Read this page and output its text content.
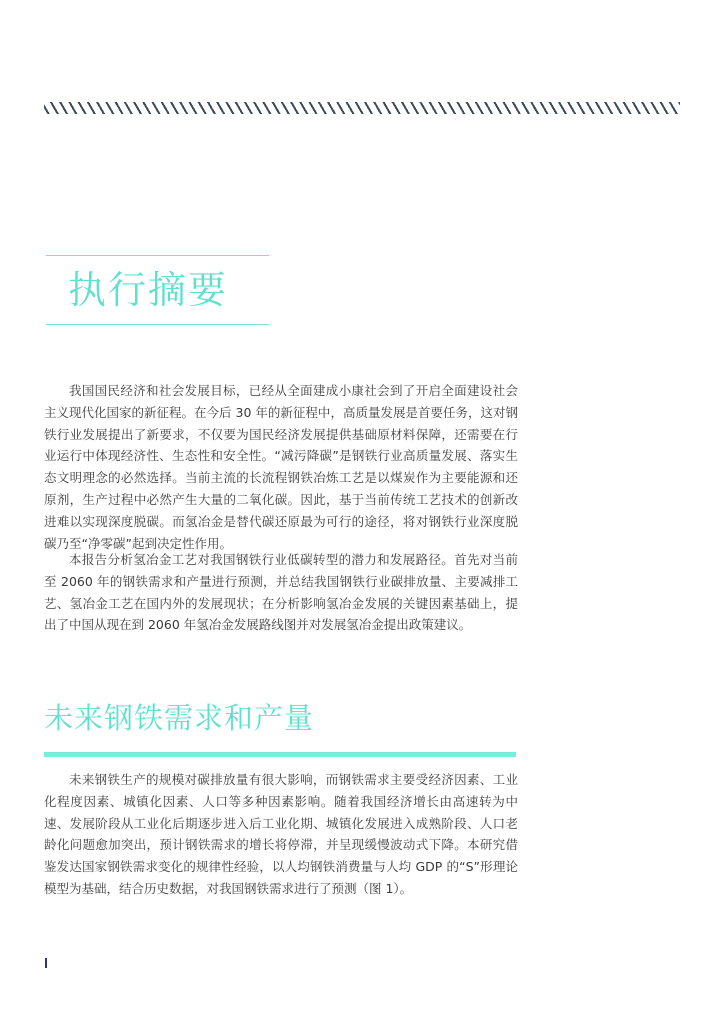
执行摘要

我国国民经济和社会发展目标，已经从全面建成小康社会到了开启全面建设社会主义现代化国家的新征程。在今后 30 年的新征程中，高质量发展是首要任务，这对钢铁行业发展提出了新要求，不仅要为国民经济发展提供基础原材料保障，还需要在行业运行中体现经济性、生态性和安全性。“减污降碳”是钢铁行业高质量发展、落实生态文明理念的必然选择。当前主流的长流程钢铁冶炼工艺是以煤炭作为主要能源和还原剂，生产过程中必然产生大量的二氧化碳。因此，基于当前传统工艺技术的创新改进难以实现深度脱碳。而氢冶金是替代碳还原最为可行的途径，将对钢铁行业深度脱碳乃至“净零碳”起到决定性作用。

本报告分析氢冶金工艺对我国钢铁行业低碳转型的潜力和发展路径。首先对当前至 2060 年的钢铁需求和产量进行预测，并总结我国钢铁行业碳排放量、主要减排工艺、氢冶金工艺在国内外的发展现状；在分析影响氢冶金发展的关键因素基础上，提出了中国从现在到 2060 年氢冶金发展路线图并对发展氢冶金提出政策建议。

未来钢铁需求和产量

未来钢铁生产的规模对碳排放量有很大影响，而钢铁需求主要受经济因素、工业化程度因素、城镇化因素、人口等多种因素影响。随着我国经济增长由高速转为中速、发展阶段从工业化后期逐步进入后工业化期、城镇化发展进入成熟阶段、人口老龄化问题愈加突出，预计钢铁需求的增长将停滞，并呈现缓慢波动式下降。本研究借鉴发达国家钢铁需求变化的规律性经验，以人均钢铁消费量与人均 GDP 的“S”形理论模型为基础，结合历史数据，对我国钢铁需求进行了预测（图 1）。
